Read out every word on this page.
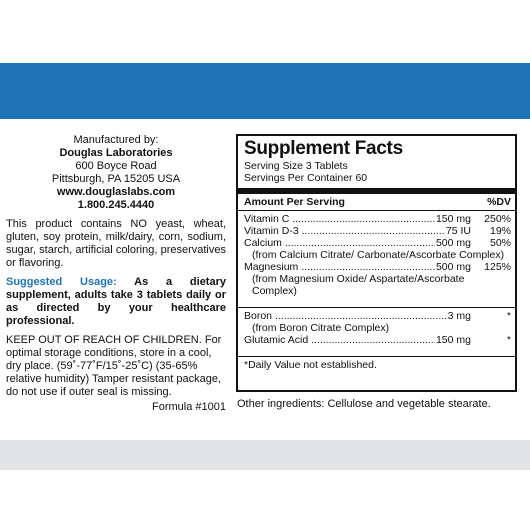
Manufactured by:
Douglas Laboratories
600 Boyce Road
Pittsburgh, PA 15205 USA
www.douglaslabs.com
1.800.245.4440
This product contains NO yeast, wheat, gluten, soy protein, milk/dairy, corn, sodium, sugar, starch, artificial coloring, preservatives or flavoring.
Suggested Usage: As a dietary supplement, adults take 3 tablets daily or as directed by your healthcare professional.
KEEP OUT OF REACH OF CHILDREN. For optimal storage conditions, store in a cool, dry place. (59˚-77˚F/15˚-25˚C) (35-65% relative humidity) Tamper resistant package, do not use if outer seal is missing.
Formula #1001
Supplement Facts
Serving Size 3 Tablets
Servings Per Container 60
Amount Per Serving	%DV
Vitamin C .....	150 mg	250%
Vitamin D-3 .....	75 IU	19%
Calcium .....	500 mg	50%
(from Calcium Citrate/ Carbonate/Ascorbate Complex)
Magnesium .....	500 mg	125%
(from Magnesium Oxide/ Aspartate/Ascorbate Complex)
Boron .....	3 mg	*
(from Boron Citrate Complex)
Glutamic Acid .....	150 mg	*
*Daily Value not established.
Other ingredients: Cellulose and vegetable stearate.
